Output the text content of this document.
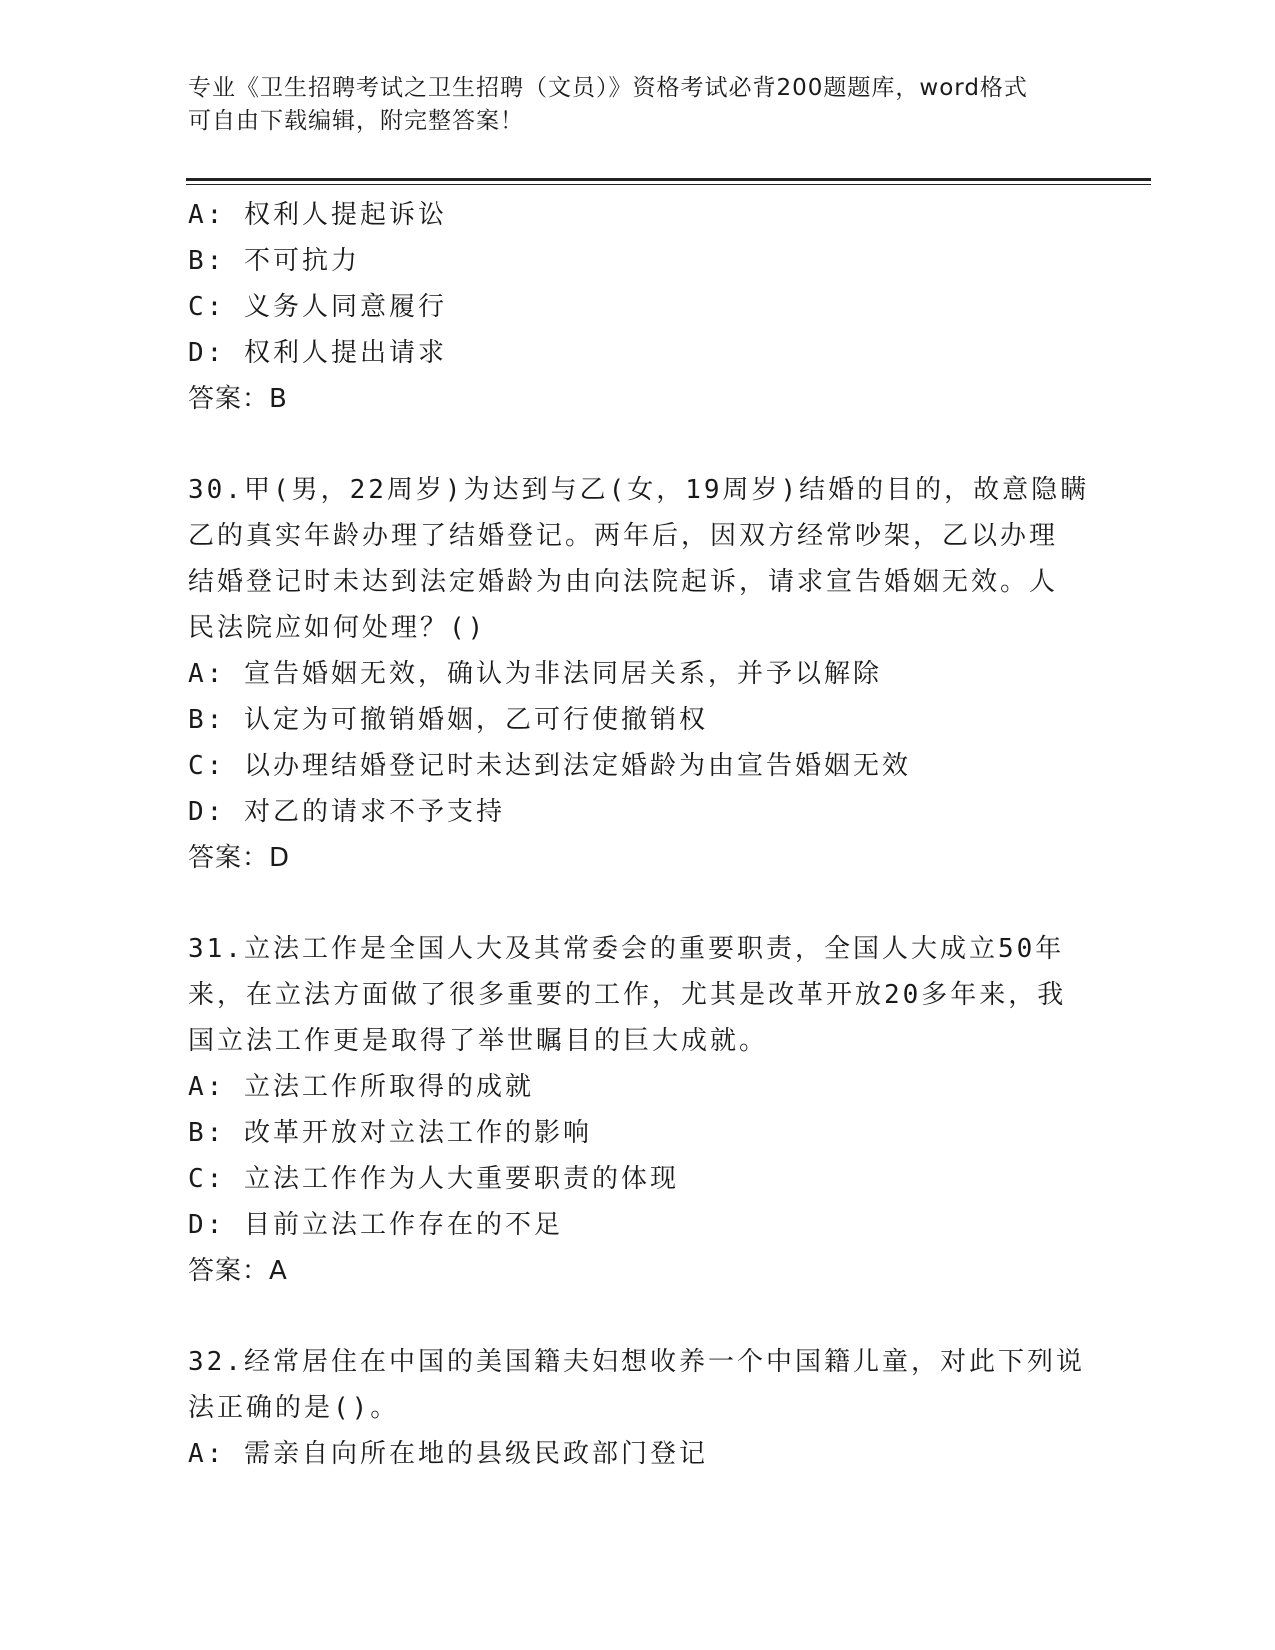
专业《卫生招聘考试之卫生招聘（文员）》资格考试必背200题题库，word格式
可自由下载编辑，附完整答案！
A: 权利人提起诉讼
B: 不可抗力
C: 义务人同意履行
D: 权利人提出请求
答案：B
30.甲(男，22周岁)为达到与乙(女，19周岁)结婚的目的，故意隐瞒
乙的真实年龄办理了结婚登记。两年后，因双方经常吵架，乙以办理
结婚登记时未达到法定婚龄为由向法院起诉，请求宣告婚姻无效。人
民法院应如何处理？()
A: 宣告婚姻无效，确认为非法同居关系，并予以解除
B: 认定为可撤销婚姻，乙可行使撤销权
C: 以办理结婚登记时未达到法定婚龄为由宣告婚姻无效
D: 对乙的请求不予支持
答案：D
31.立法工作是全国人大及其常委会的重要职责，全国人大成立50年
来，在立法方面做了很多重要的工作，尤其是改革开放20多年来，我
国立法工作更是取得了举世瞩目的巨大成就。
A: 立法工作所取得的成就
B: 改革开放对立法工作的影响
C: 立法工作作为人大重要职责的体现
D: 目前立法工作存在的不足
答案：A
32.经常居住在中国的美国籍夫妇想收养一个中国籍儿童，对此下列说
法正确的是()。
A: 需亲自向所在地的县级民政部门登记
